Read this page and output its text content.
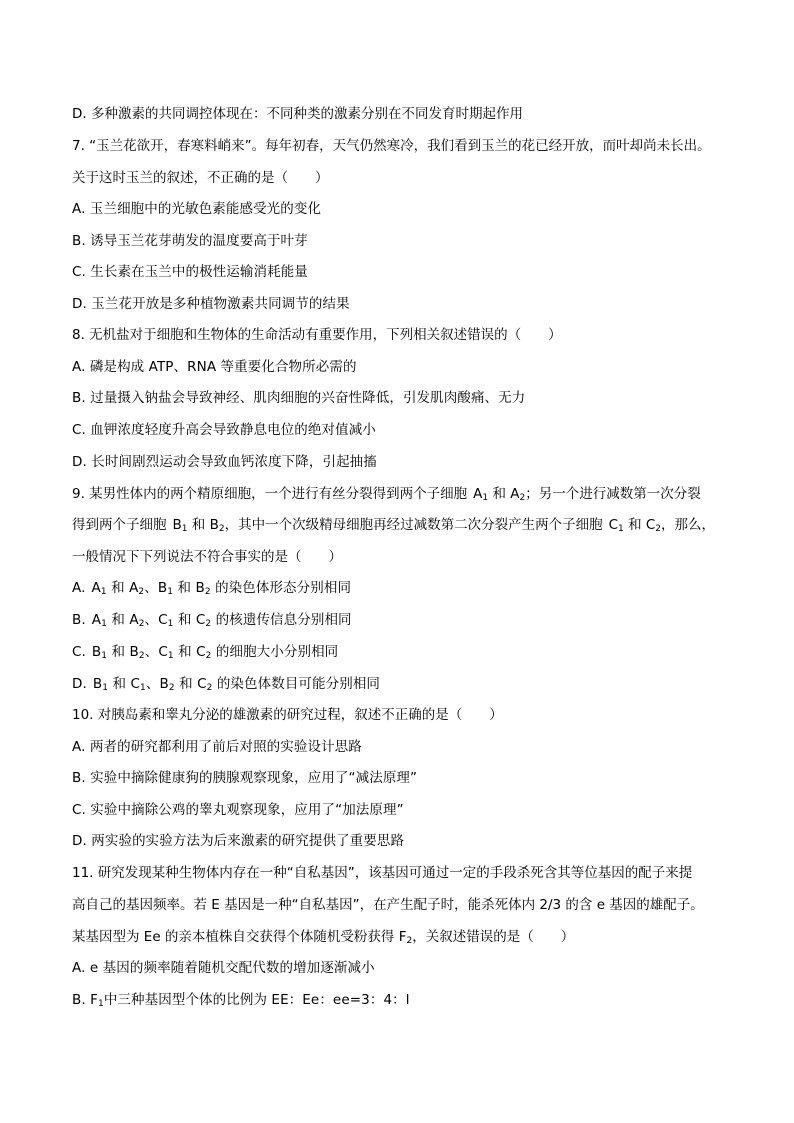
D. 多种激素的共同调控体现在：不同种类的激素分别在不同发育时期起作用
7. “玉兰花欲开，春寒料峭来”。每年初春，天气仍然寒冷，我们看到玉兰的花已经开放，而叶却尚未长出。
关于这时玉兰的叙述，不正确的是（　　）
A. 玉兰细胞中的光敏色素能感受光的变化
B. 诱导玉兰花芽萌发的温度要高于叶芽
C. 生长素在玉兰中的极性运输消耗能量
D. 玉兰花开放是多种植物激素共同调节的结果
8. 无机盐对于细胞和生物体的生命活动有重要作用，下列相关叙述错误的（　　）
A. 磷是构成 ATP、RNA 等重要化合物所必需的
B. 过量摄入钠盐会导致神经、肌肉细胞的兴奋性降低，引发肌肉酸痛、无力
C. 血钾浓度轻度升高会导致静息电位的绝对值减小
D. 长时间剧烈运动会导致血钙浓度下降，引起抽搐
9. 某男性体内的两个精原细胞，一个进行有丝分裂得到两个子细胞 $A_1$ 和 $A_2$；另一个进行减数第一次分裂
得到两个子细胞 $B_1$ 和 $B_2$，其中一个次级精母细胞再经过减数第二次分裂产生两个子细胞 $C_1$ 和 $C_2$，那么，
一般情况下下列说法不符合事实的是（　　）
A. $A_1$ 和 $A_2$、$B_1$ 和 $B_2$ 的染色体形态分别相同
B. $A_1$ 和 $A_2$、$C_1$ 和 $C_2$ 的核遗传信息分别相同
C. $B_1$ 和 $B_2$、$C_1$ 和 $C_2$ 的细胞大小分别相同
D. $B_1$ 和 $C_1$、$B_2$ 和 $C_2$ 的染色体数目可能分别相同
10. 对胰岛素和睾丸分泌的雄激素的研究过程，叙述不正确的是（　　）
A. 两者的研究都利用了前后对照的实验设计思路
B. 实验中摘除健康狗的胰腺观察现象，应用了“减法原理”
C. 实验中摘除公鸡的睾丸观察现象，应用了“加法原理”
D. 两实验的实验方法为后来激素的研究提供了重要思路
11. 研究发现某种生物体内存在一种“自私基因”，该基因可通过一定的手段杀死含其等位基因的配子来提
高自己的基因频率。若 E 基因是一种“自私基因”，在产生配子时，能杀死体内 2/3 的含 e 基因的雄配子。
某基因型为 Ee 的亲本植株自交获得个体随机受粉获得 $F_2$，关叙述错误的是（　　）
A. e 基因的频率随着随机交配代数的增加逐渐减小
B. $F_1$中三种基因型个体的比例为 EE：Ee：ee=3：4：l
